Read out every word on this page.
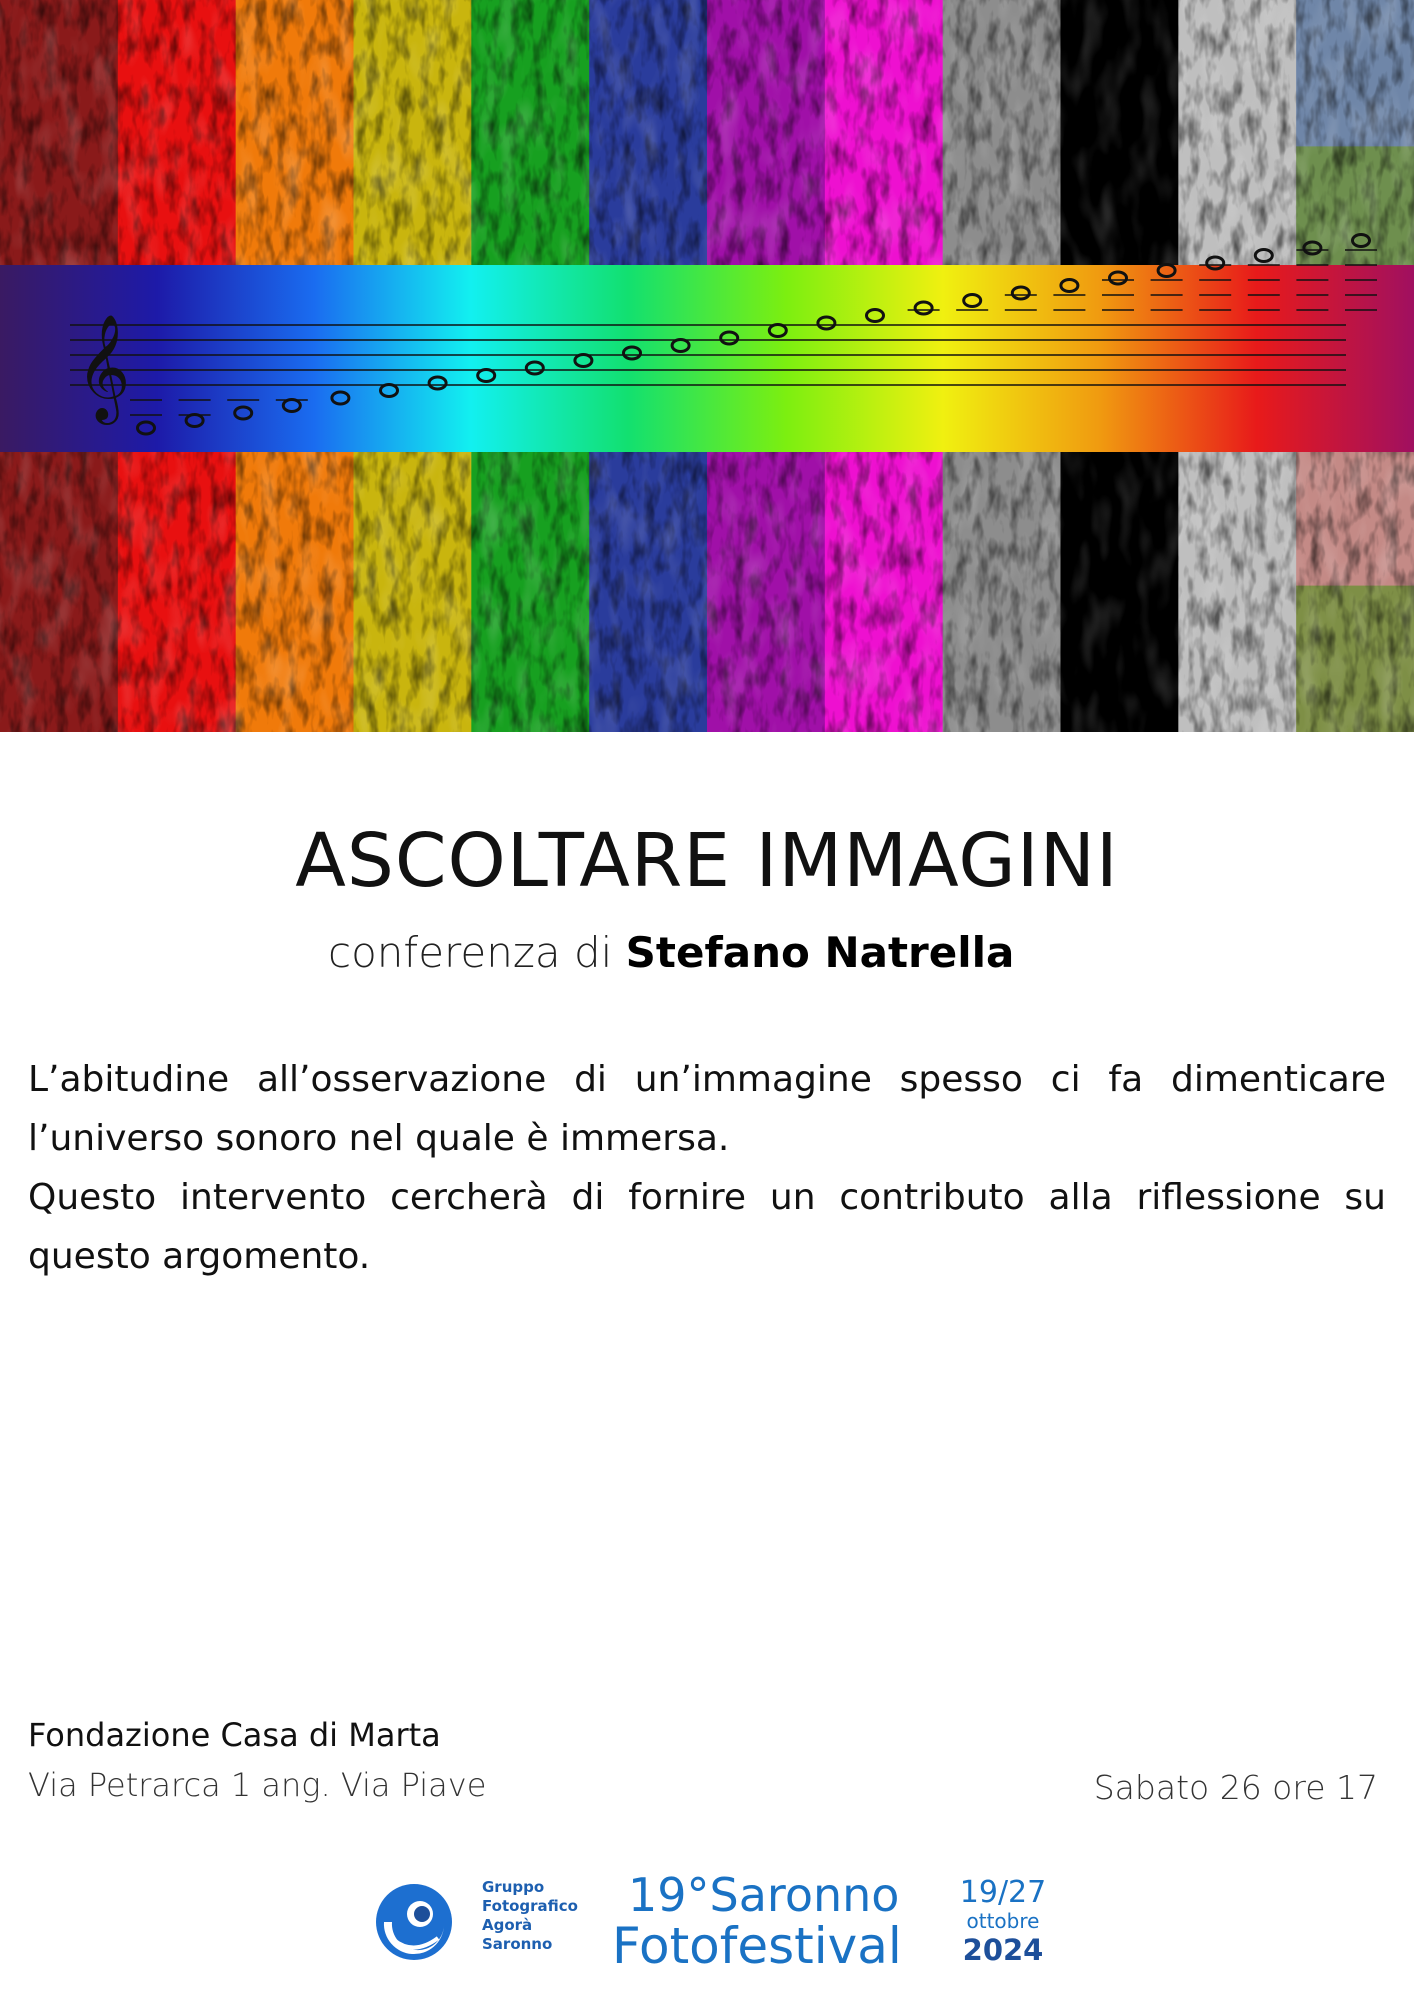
𝄞
ASCOLTARE IMMAGINI
conferenza di Stefano Natrella

L’abitudine all’osservazione di un’immagine spesso ci fa dimenticare l’universo sonoro nel quale è immersa.

Questo intervento cercherà di fornire un contributo alla riflessione su questo argomento.

Fondazione Casa di Marta
Via Petrarca 1 ang. Via Piave	Sabato 26 ore 17
Gruppo
Fotografico
Agorà
Saronno
19°Saronno
Fotofestival
19/27
ottobre
2024
